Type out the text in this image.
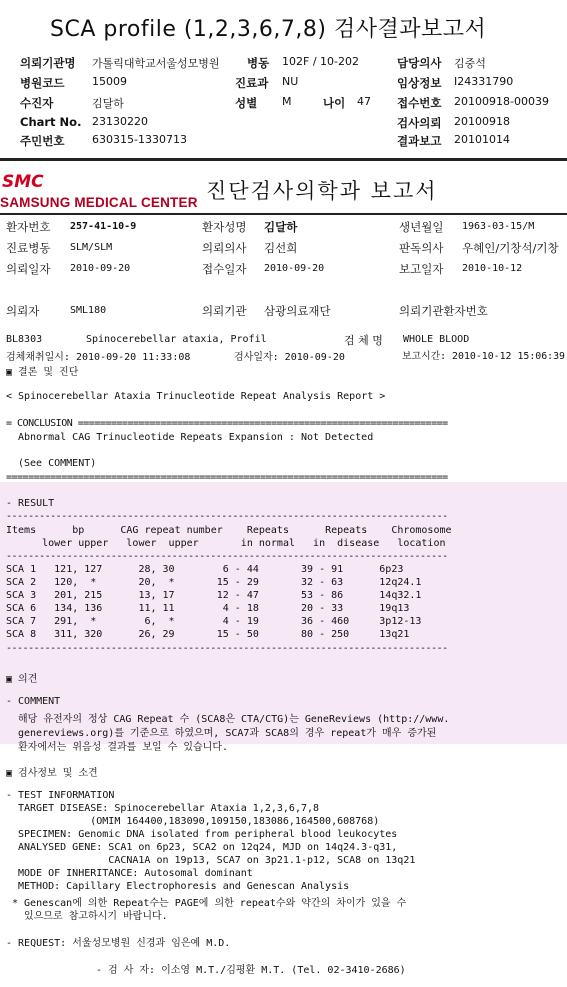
SCA profile (1,2,3,6,7,8) 검사결과보고서
의뢰기관명 가톨릭대학교서울성모병원 병동 102F / 10-202	담당의사 김중석
병원코드	15009	진료과 NU	임상정보 I24331790
수진자	김달하	성별 M	나이 47 접수번호 20100918-00039
Chart No. 23130220	검사의뢰 20100918
주민번호	630315-1330713	결과보고 20101014
SMC
SAMSUNG MEDICAL CENTER 진단검사의학과 보고서
환자번호 257-41-10-9	환자성명 김달하	생년월일 1963-03-15/M
진료병동 SLM/SLM	의뢰의사 김선희	판독의사 우혜인/기창석/기창
의뢰일자 2010-09-20	접수일자 2010-09-20	보고일자 2010-10-12
의뢰자	SML180	의뢰기관 삼광의료재단	의뢰기관환자번호
BL8303	Spinocerebellar ataxia, Profil	검 체 명 WHOLE BLOOD
검체채취일시: 2010-09-20 11:33:08	검사일자: 2010-09-20	보고시간: 2010-10-12 15:06:39
▣ 결론 및 진단
< Spinocerebellar Ataxia Trinucleotide Repeat Analysis Report >
= CONCLUSION ===================================================================
Abnormal CAG Trinucleotide Repeats Expansion : Not Detected
(See COMMENT)
================================================================================
- RESULT
--------------------------------------------------------------------------------
Items      bp      CAG repeat number    Repeats      Repeats    Chromosome
lower upper   lower  upper       in normal   in  disease   location
--------------------------------------------------------------------------------
SCA 1   121, 127      28, 30        6 - 44       39 - 91      6p23
SCA 2   120,  *       20,  *       15 - 29       32 - 63      12q24.1
SCA 3   201, 215      13, 17       12 - 47       53 - 86      14q32.1
SCA 6   134, 136      11, 11        4 - 18       20 - 33      19q13
SCA 7   291,  *        6,  *        4 - 19       36 - 460     3p12-13
SCA 8   311, 320      26, 29       15 - 50       80 - 250     13q21
--------------------------------------------------------------------------------
▣ 의견
- COMMENT
해당 유전자의 정상 CAG Repeat 수 (SCA8은 CTA/CTG)는 GeneReviews (http://www.
genereviews.org)를 기준으로 하였으며, SCA7과 SCA8의 경우 repeat가 매우 증가된
환자에서는 위음성 결과를 보일 수 있습니다.
▣ 검사정보 및 소견
- TEST INFORMATION
TARGET DISEASE: Spinocerebellar Ataxia 1,2,3,6,7,8
(OMIM 164400,183090,109150,183086,164500,608768)
SPECIMEN: Genomic DNA isolated from peripheral blood leukocytes
ANALYSED GENE: SCA1 on 6p23, SCA2 on 12q24, MJD on 14q24.3-q31,
CACNA1A on 19p13, SCA7 on 3p21.1-p12, SCA8 on 13q21
MODE OF INHERITANCE: Autosomal dominant
METHOD: Capillary Electrophoresis and Genescan Analysis
* Genescan에 의한 Repeat수는 PAGE에 의한 repeat수와 약간의 차이가 있을 수
있으므로 참고하시기 바랍니다.
- REQUEST: 서울성모병원 신경과 임은예 M.D.
- 검 사 자: 이소영 M.T./김평환 M.T. (Tel. 02-3410-2686)
